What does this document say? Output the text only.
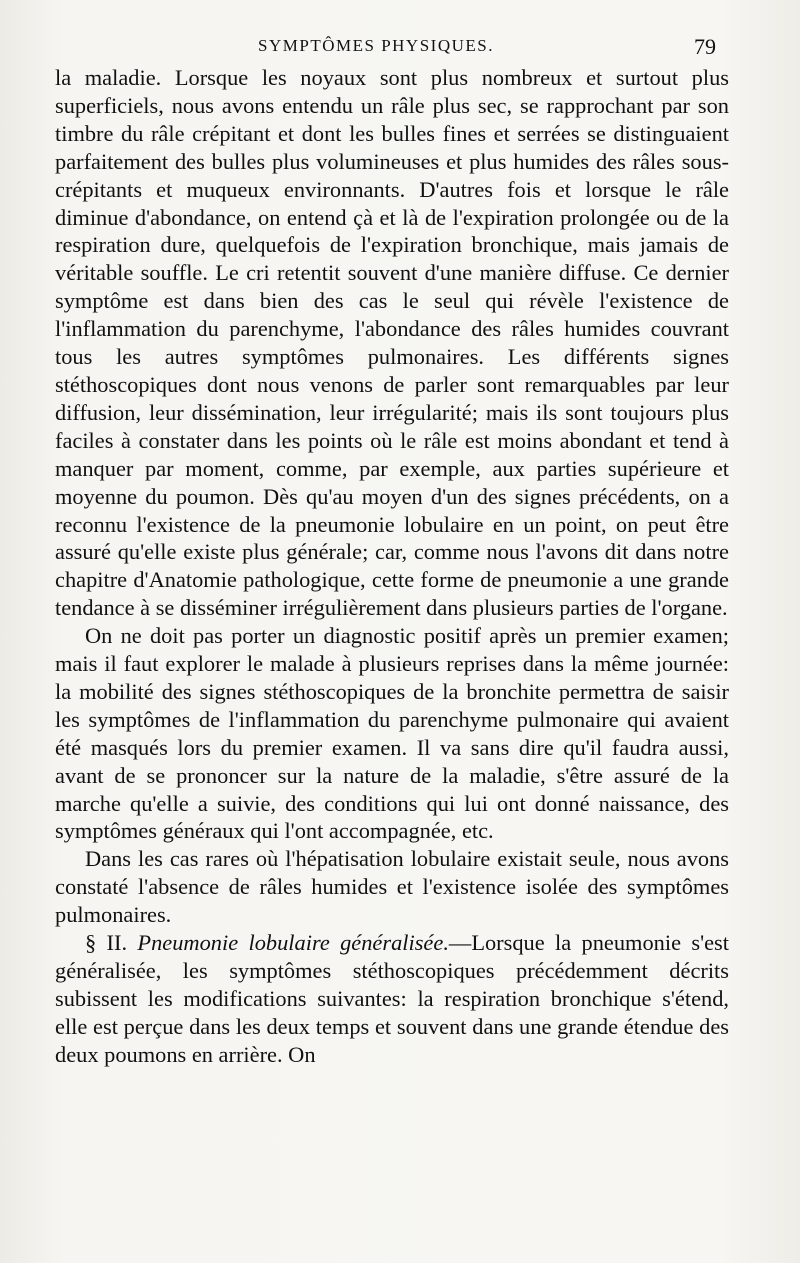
SYMPTÔMES PHYSIQUES.	79

la maladie. Lorsque les noyaux sont plus nombreux et surtout plus superficiels, nous avons entendu un râle plus sec, se rapprochant par son timbre du râle crépitant et dont les bulles fines et serrées se distinguaient parfaitement des bulles plus volumineuses et plus humides des râles sous-crépitants et muqueux environnants. D'autres fois et lorsque le râle diminue d'abondance, on entend çà et là de l'expiration prolongée ou de la respiration dure, quelquefois de l'expiration bronchique, mais jamais de véritable souffle. Le cri retentit souvent d'une manière diffuse. Ce dernier symptôme est dans bien des cas le seul qui révèle l'existence de l'inflammation du parenchyme, l'abondance des râles humides couvrant tous les autres symptômes pulmonaires. Les différents signes stéthoscopiques dont nous venons de parler sont remarquables par leur diffusion, leur dissémination, leur irrégularité; mais ils sont toujours plus faciles à constater dans les points où le râle est moins abondant et tend à manquer par moment, comme, par exemple, aux parties supérieure et moyenne du poumon. Dès qu'au moyen d'un des signes précédents, on a reconnu l'existence de la pneumonie lobulaire en un point, on peut être assuré qu'elle existe plus générale; car, comme nous l'avons dit dans notre chapitre d'Anatomie pathologique, cette forme de pneumonie a une grande tendance à se disséminer irrégulièrement dans plusieurs parties de l'organe.

On ne doit pas porter un diagnostic positif après un premier examen; mais il faut explorer le malade à plusieurs reprises dans la même journée: la mobilité des signes stéthoscopiques de la bronchite permettra de saisir les symptômes de l'inflammation du parenchyme pulmonaire qui avaient été masqués lors du premier examen. Il va sans dire qu'il faudra aussi, avant de se prononcer sur la nature de la maladie, s'être assuré de la marche qu'elle a suivie, des conditions qui lui ont donné naissance, des symptômes généraux qui l'ont accompagnée, etc.

Dans les cas rares où l'hépatisation lobulaire existait seule, nous avons constaté l'absence de râles humides et l'existence isolée des symptômes pulmonaires.

§ II. Pneumonie lobulaire généralisée.—Lorsque la pneumonie s'est généralisée, les symptômes stéthoscopiques précédemment décrits subissent les modifications suivantes: la respiration bronchique s'étend, elle est perçue dans les deux temps et souvent dans une grande étendue des deux poumons en arrière. On
